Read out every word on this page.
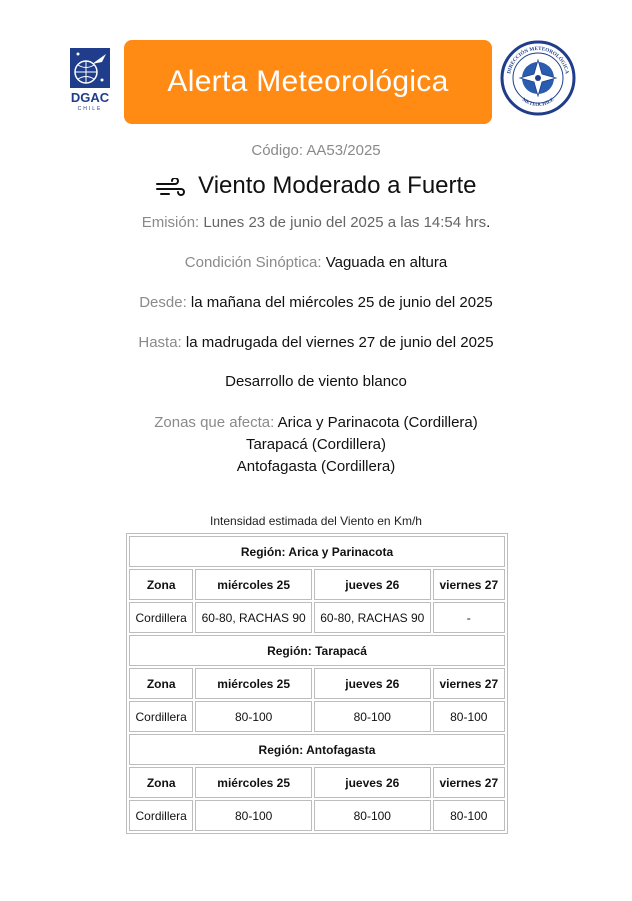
DGAC
CHILE
Alerta Meteorológica	DIRECCIÓN METEOROLÓGICA
METEOCHILE
Código: AA53/2025
Viento Moderado a Fuerte
Emisión: Lunes 23 de junio del 2025 a las 14:54 hrs.
Condición Sinóptica: Vaguada en altura
Desde: la mañana del miércoles 25 de junio del 2025
Hasta: la madrugada del viernes 27 de junio del 2025
Desarrollo de viento blanco
Zonas que afecta: Arica y Parinacota (Cordillera)
Tarapacá (Cordillera)
Antofagasta (Cordillera)
Intensidad estimada del Viento en Km/h
Región: Arica y Parinacota			
Zona	miércoles 25	jueves 26	viernes 27
Cordillera	60-80, RACHAS 90	60-80, RACHAS 90	-
Región: Tarapacá			
Zona	miércoles 25	jueves 26	viernes 27
Cordillera	80-100	80-100	80-100
Región: Antofagasta			
Zona	miércoles 25	jueves 26	viernes 27
Cordillera	80-100	80-100	80-100
